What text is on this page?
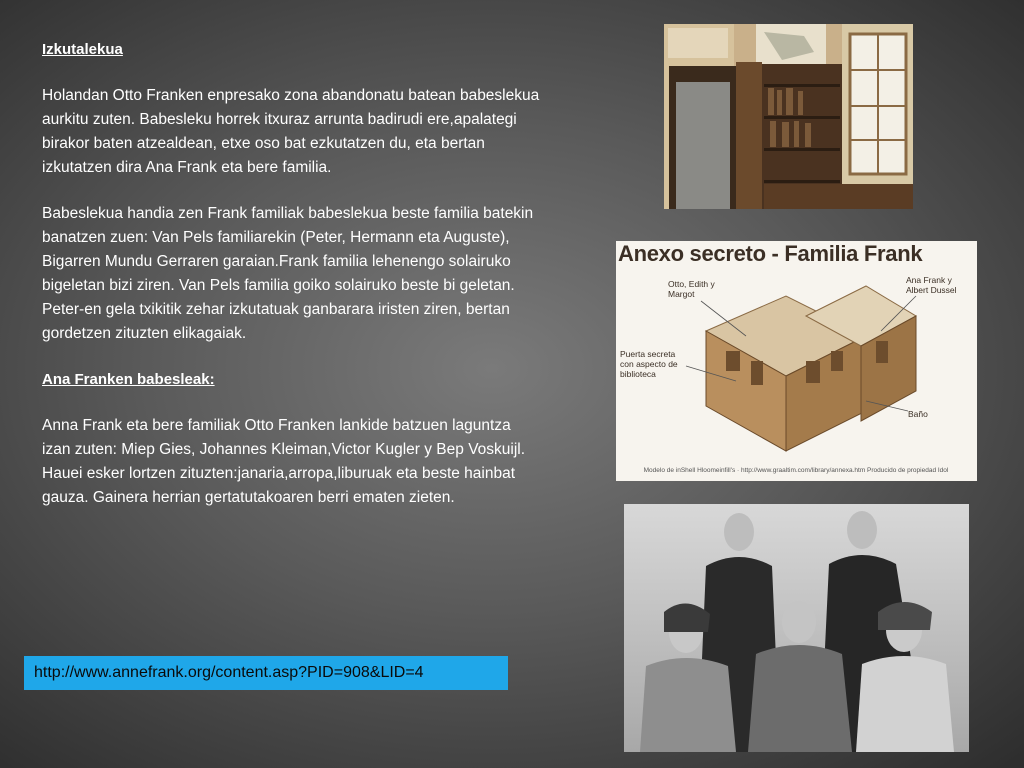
Izkutalekua

Holandan Otto Franken enpresako zona abandonatu batean babeslekua aurkitu zuten. Babesleku horrek itxuraz arrunta badirudi ere,apalategi birakor baten atzealdean, etxe oso bat ezkutatzen du, eta bertan izkutatzen dira Ana Frank eta bere familia.

Babeslekua handia zen Frank familiak babeslekua beste familia batekin banatzen zuen: Van Pels familiarekin (Peter, Hermann eta Auguste), Bigarren Mundu Gerraren garaian.Frank familia lehenengo solairuko bigeletan bizi ziren. Van Pels familia goiko solairuko beste bi geletan. Peter-en gela txikitik zehar izkutatuak ganbarara iristen ziren, bertan gordetzen zituzten elikagaiak.

Ana Franken babesleak:

Anna Frank eta bere familiak Otto Franken lankide batzuen laguntza izan zuten: Miep Gies, Johannes Kleiman,Victor Kugler y Bep Voskuijl. Hauei esker lortzen zituzten:janaria,arropa,liburuak eta beste hainbat gauza. Gainera herrian gertatutakoaren berri ematen zieten.

http://www.annefrank.org/content.asp?PID=908&LID=4
Anexo secreto - Familia Frank
Otto, Edith y Margot
Ana Frank y Albert Dussel
Puerta secreta con aspecto de biblioteca
Baño
Modelo de inShell Hloomeinfill's · http://www.graaltim.com/library/annexa.htm Producido de propiedad Idol
